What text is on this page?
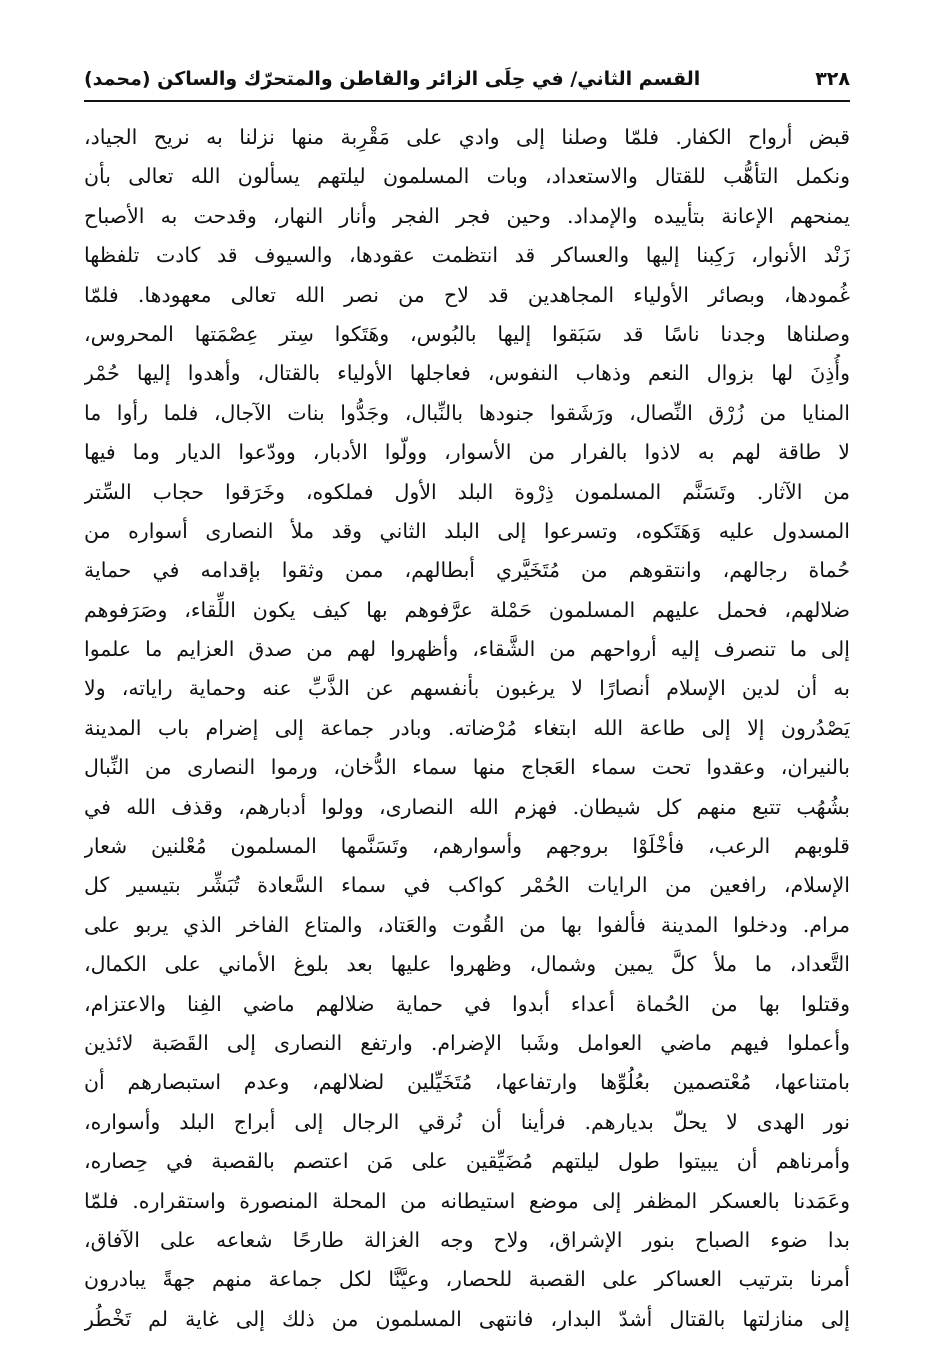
٣٢٨
القسم الثاني/ في حِلَى الزائر والقاطن والمتحرّك والساكن (محمد)
قبض أرواح الكفار. فلمّا وصلنا إلى وادي على مَقْرِبة منها نزلنا به نريح الجياد،
ونكمل التأهُّب للقتال والاستعداد، وبات المسلمون ليلتهم يسألون الله تعالى بأن
يمنحهم الإعانة بتأييده والإمداد. وحين فجر الفجر وأنار النهار، وقدحت به الأصباح
زَنْد الأنوار، رَكِبنا إليها والعساكر قد انتظمت عقودها، والسيوف قد كادت تلفظها
غُمودها، وبصائر الأولياء المجاهدين قد لاح من نصر الله تعالى معهودها. فلمّا
وصلناها وجدنا ناسًا قد سَبَقوا إليها بالبُوس، وهَتَكوا سِتر عِصْمَتها المحروس،
وأُذِنَ لها بزوال النعم وذهاب النفوس، فعاجلها الأولياء بالقتال، وأهدوا إليها حُمْر
المنايا من زُرْق النِّصال، ورَشَقوا جنودها بالنِّبال، وجَدُّوا بنات الآجال، فلما رأوا ما
لا طاقة لهم به لاذوا بالفرار من الأسوار، وولّوا الأدبار، وودّعوا الديار وما فيها
من الآثار. وتَسَنَّم المسلمون ذِرْوة البلد الأول فملكوه، وخَرَقوا حجاب السِّتر
المسدول عليه وَهَتَكوه، وتسرعوا إلى البلد الثاني وقد ملأ النصارى أسواره من
حُماة رجالهم، وانتقوهم من مُتَخَيَّري أبطالهم، ممن وثقوا بإقدامه في حماية
ضلالهم، فحمل عليهم المسلمون حَمْلة عرَّفوهم بها كيف يكون اللِّقاء، وصَرَفوهم
إلى ما تنصرف إليه أرواحهم من الشَّقاء، وأظهروا لهم من صدق العزايم ما علموا
به أن لدين الإسلام أنصارًا لا يرغبون بأنفسهم عن الذَّبِّ عنه وحماية راياته، ولا
يَصْدُرون إلا إلى طاعة الله ابتغاء مُرْضاته. وبادر جماعة إلى إضرام باب المدينة
بالنيران، وعقدوا تحت سماء العَجاج منها سماء الدُّخان، ورموا النصارى من النِّبال
بشُهُب تتبع منهم كل شيطان. فهزم الله النصارى، وولوا أدبارهم، وقذف الله في
قلوبهم الرعب، فأخْلَوْا بروجهم وأسوارهم، وتَسَنَّمها المسلمون مُعْلنين شعار
الإسلام، رافعين من الرايات الحُمْر كواكب في سماء السَّعادة تُبَشِّر بتيسير كل
مرام. ودخلوا المدينة فألفوا بها من القُوت والعَتاد، والمتاع الفاخر الذي يربو على
التَّعداد، ما ملأ كلَّ يمين وشمال، وظهروا عليها بعد بلوغ الأماني على الكمال،
وقتلوا بها من الحُماة أعداء أبدوا في حماية ضلالهم ماضي الفِنا والاعتزام،
وأعملوا فيهم ماضي العوامل وشَبا الإضرام. وارتفع النصارى إلى القَصَبة لائذين
بامتناعها، مُعْتصمين بعُلُوِّها وارتفاعها، مُتَخَيِّلين لضلالهم، وعدم استبصارهم أن
نور الهدى لا يحلّ بديارهم. فرأينا أن نُرقي الرجال إلى أبراج البلد وأسواره،
وأمرناهم أن يبيتوا طول ليلتهم مُضَيِّقين على مَن اعتصم بالقصبة في حِصاره،
وعَمَدنا بالعسكر المظفر إلى موضع استيطانه من المحلة المنصورة واستقراره. فلمّا
بدا ضوء الصباح بنور الإشراق، ولاح وجه الغزالة طارحًا شعاعه على الآفاق،
أمرنا بترتيب العساكر على القصبة للحصار، وعيَّنَّا لكل جماعة منهم جهةً يبادرون
إلى منازلتها بالقتال أشدّ البدار، فانتهى المسلمون من ذلك إلى غاية لم تَخْطُر
